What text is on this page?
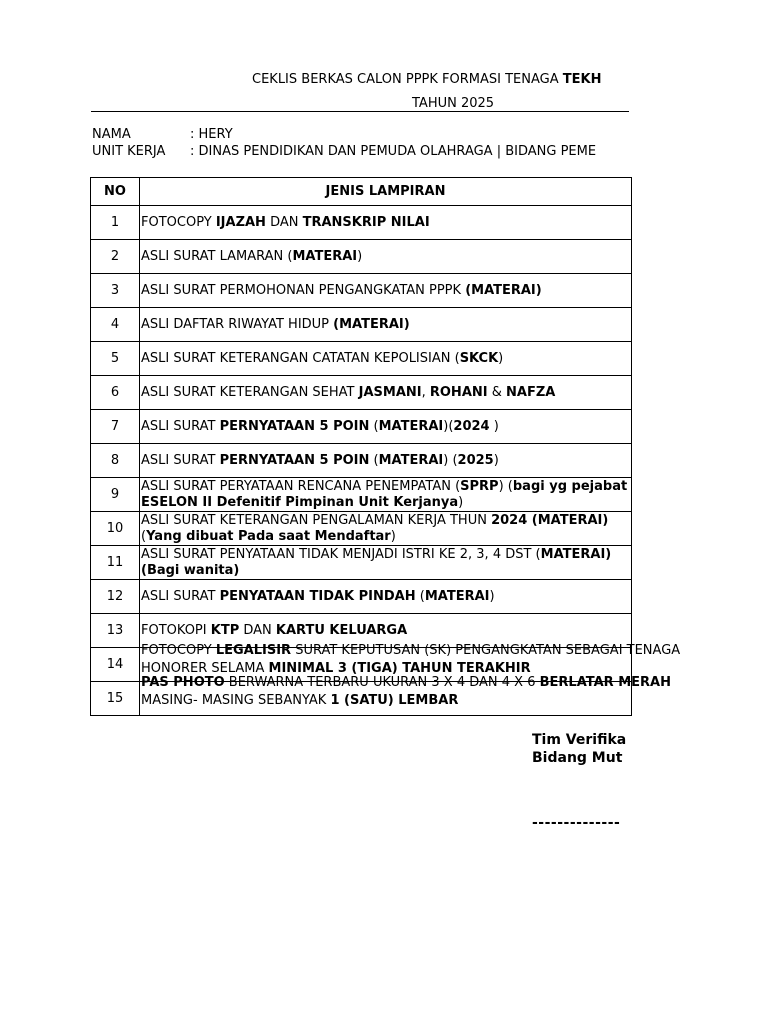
CEKLIS BERKAS CALON PPPK FORMASI TENAGA TEKH
TAHUN 2025
NAMA	: HERY
UNIT KERJA : DINAS PENDIDIKAN DAN PEMUDA OLAHRAGA | BIDANG PEME
NO	JENIS LAMPIRAN
1	FOTOCOPY IJAZAH DAN TRANSKRIP NILAI

2	ASLI SURAT LAMARAN (MATERAI)

3	ASLI SURAT PERMOHONAN PENGANGKATAN PPPK (MATERAI)

4	ASLI DAFTAR RIWAYAT HIDUP (MATERAI)

5	ASLI SURAT KETERANGAN CATATAN KEPOLISIAN (SKCK)

6	ASLI SURAT KETERANGAN SEHAT JASMANI, ROHANI & NAFZA

7	ASLI SURAT PERNYATAAN 5 POIN (MATERAI)(2024 )

8	ASLI SURAT PERNYATAAN 5 POIN (MATERAI) (2025)

9	ASLI SURAT PERYATAAN RENCANA PENEMPATAN (SPRP) (bagi yg pejabat ESELON II Defenitif Pimpinan Unit Kerjanya)

10	ASLI SURAT KETERANGAN PENGALAMAN KERJA THUN 2024 (MATERAI) (Yang dibuat Pada saat Mendaftar)

11	ASLI SURAT PENYATAAN TIDAK MENJADI ISTRI KE 2, 3, 4 DST (MATERAI) (Bagi wanita)

12	ASLI SURAT PENYATAAN TIDAK PINDAH (MATERAI)

13	FOTOKOPI KTP DAN KARTU KELUARGA

14	FOTOCOPY LEGALISIR SURAT KEPUTUSAN (SK) PENGANGKATAN SEBAGAI TENAGA HONORER SELAMA MINIMAL 3 (TIGA) TAHUN TERAKHIR

15	PAS PHOTO BERWARNA TERBARU UKURAN 3 X 4 DAN 4 X 6 BERLATAR MERAH MASING- MASING SEBANYAK 1 (SATU) LEMBAR
Tim Verifika
Bidang Mut
--------------
